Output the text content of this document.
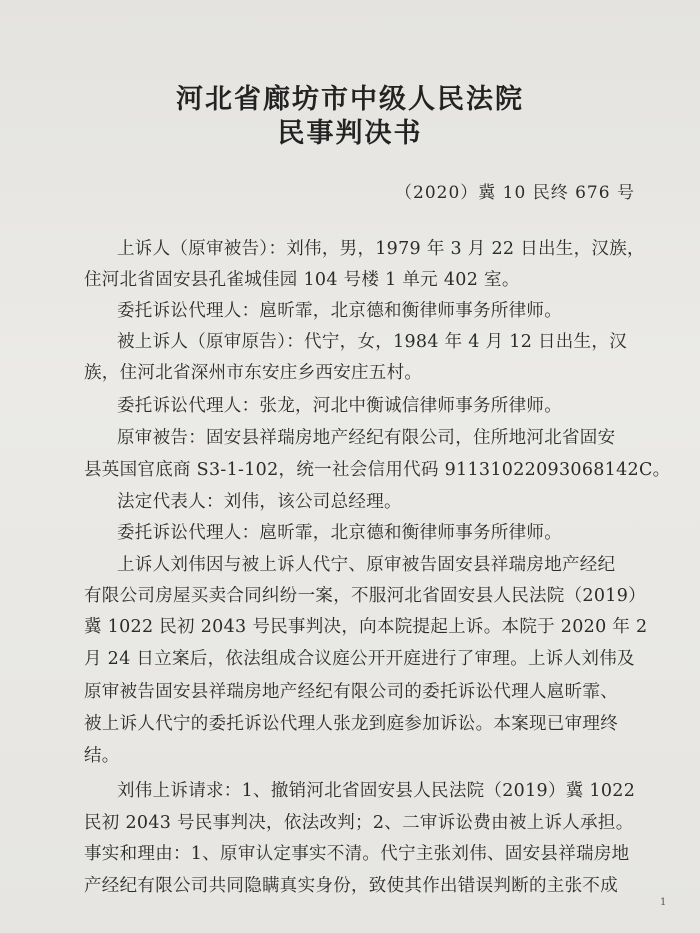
河北省廊坊市中级人民法院
民事判决书
（2020）冀 10 民终 676 号
上诉人（原审被告）：刘伟，男，1979 年 3 月 22 日出生，汉族，
住河北省固安县孔雀城佳园 104 号楼 1 单元 402 室。
委托诉讼代理人：扈昕霏，北京德和衡律师事务所律师。
被上诉人（原审原告）：代宁，女，1984 年 4 月 12 日出生，汉
族，住河北省深州市东安庄乡西安庄五村。
委托诉讼代理人：张龙，河北中衡诚信律师事务所律师。
原审被告：固安县祥瑞房地产经纪有限公司，住所地河北省固安
县英国官底商 S3-1-102，统一社会信用代码 91131022093068142C。
法定代表人：刘伟，该公司总经理。
委托诉讼代理人：扈昕霏，北京德和衡律师事务所律师。
上诉人刘伟因与被上诉人代宁、原审被告固安县祥瑞房地产经纪
有限公司房屋买卖合同纠纷一案，不服河北省固安县人民法院（2019）
冀 1022 民初 2043 号民事判决，向本院提起上诉。本院于 2020 年 2
月 24 日立案后，依法组成合议庭公开开庭进行了审理。上诉人刘伟及
原审被告固安县祥瑞房地产经纪有限公司的委托诉讼代理人扈昕霏、
被上诉人代宁的委托诉讼代理人张龙到庭参加诉讼。本案现已审理终
结。
刘伟上诉请求：1、撤销河北省固安县人民法院（2019）冀 1022
民初 2043 号民事判决，依法改判；2、二审诉讼费由被上诉人承担。
事实和理由：1、原审认定事实不清。代宁主张刘伟、固安县祥瑞房地
产经纪有限公司共同隐瞒真实身份，致使其作出错误判断的主张不成
1
